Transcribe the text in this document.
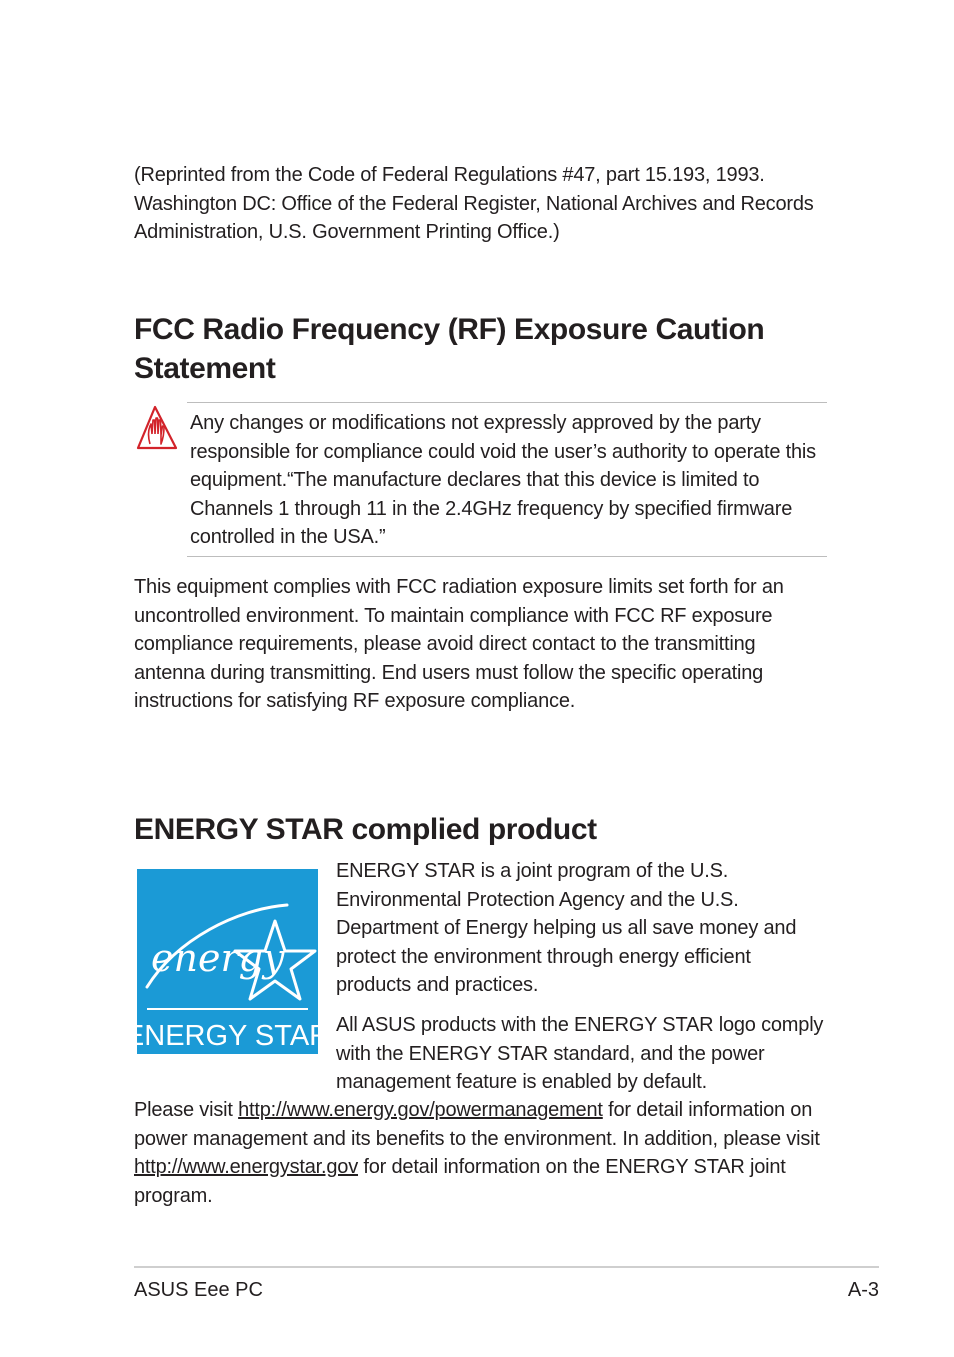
(Reprinted from the Code of Federal Regulations #47, part 15.193, 1993. Washington DC: Office of the Federal Register, National Archives and Records Administration, U.S. Government Printing Office.)
FCC Radio Frequency (RF) Exposure Caution Statement
Any changes or modifications not expressly approved by the party responsible for compliance could void the user’s authority to operate this equipment.“The manufacture declares that this device is limited to Channels 1 through 11 in the 2.4GHz frequency by specified firmware controlled in the USA.”
This equipment complies with FCC radiation exposure limits set forth for an uncontrolled environment. To maintain compliance with FCC RF exposure compliance requirements, please avoid direct contact to the transmitting antenna during transmitting. End users must follow the specific operating instructions for satisfying RF exposure compliance.
ENERGY STAR complied product
energy
ENERGY STAR
ENERGY STAR is a joint program of the U.S. Environmental Protection Agency and the U.S. Department of Energy helping us all save money and protect the environment through energy efficient products and practices.
All ASUS products with the ENERGY STAR logo comply with the ENERGY STAR standard, and the power management feature is enabled by default.
Please visit http://www.energy.gov/powermanagement for detail information on power management and its benefits to the environment. In addition, please visit http://www.energystar.gov for detail information on the ENERGY STAR joint program.
ASUS Eee PC	A-3
